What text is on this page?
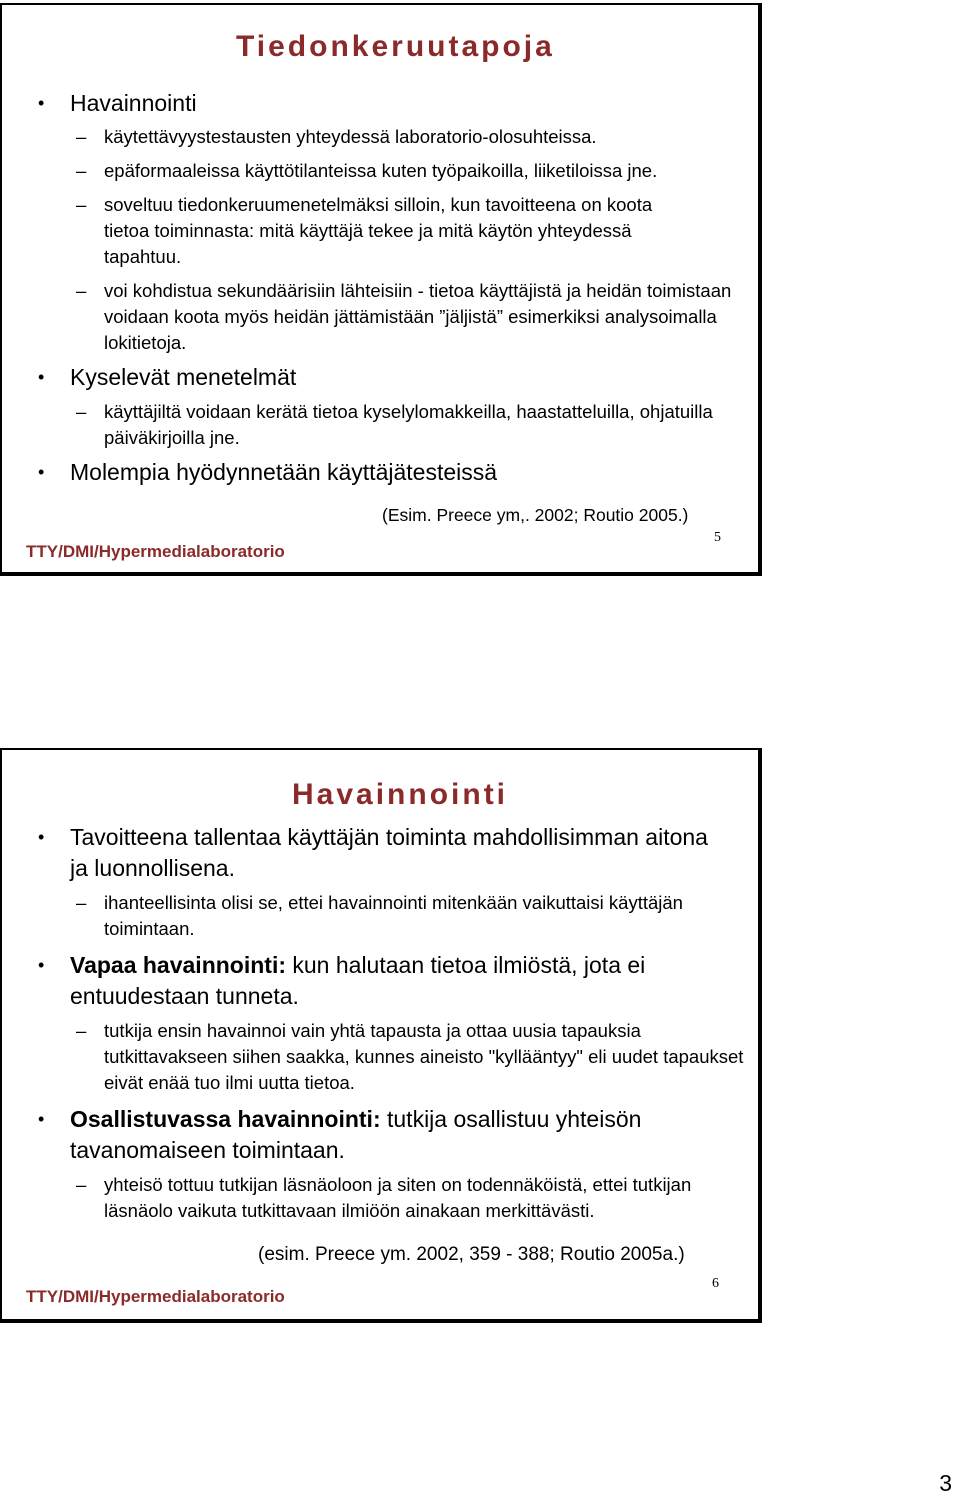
Tiedonkeruutapoja
• Havainnointi
– käytettävyystestausten yhteydessä laboratorio-olosuhteissa.
– epäformaaleissa käyttötilanteissa kuten työpaikoilla, liiketiloissa jne.
– soveltuu tiedonkeruumenetelmäksi silloin, kun tavoitteena on koota tietoa toiminnasta: mitä käyttäjä tekee ja mitä käytön yhteydessä tapahtuu.
– voi kohdistua sekundäärisiin lähteisiin - tietoa käyttäjistä ja heidän toimistaan voidaan koota myös heidän jättämistään ”jäljistä” esimerkiksi analysoimalla lokitietoja.
• Kyselevät menetelmät
– käyttäjiltä voidaan kerätä tietoa kyselylomakkeilla, haastatteluilla, ohjatuilla päiväkirjoilla jne.
• Molempia hyödynnetään käyttäjätesteissä
(Esim. Preece ym,. 2002; Routio 2005.)
TTY/DMI/Hypermedialaboratorio
5
Havainnointi
• Tavoitteena tallentaa käyttäjän toiminta mahdollisimman aitona ja luonnollisena.
– ihanteellisinta olisi se, ettei havainnointi mitenkään vaikuttaisi käyttäjän toimintaan.
• Vapaa havainnointi: kun halutaan tietoa ilmiöstä, jota ei entuudestaan tunneta.
– tutkija ensin havainnoi vain yhtä tapausta ja ottaa uusia tapauksia tutkittavakseen siihen saakka, kunnes aineisto "kyllääntyy" eli uudet tapaukset eivät enää tuo ilmi uutta tietoa.
• Osallistuvassa havainnointi: tutkija osallistuu yhteisön tavanomaiseen toimintaan.
– yhteisö tottuu tutkijan läsnäoloon ja siten on todennäköistä, ettei tutkijan läsnäolo vaikuta tutkittavaan ilmiöön ainakaan merkittävästi.
(esim. Preece ym. 2002, 359 - 388; Routio 2005a.)
TTY/DMI/Hypermedialaboratorio
6
3
